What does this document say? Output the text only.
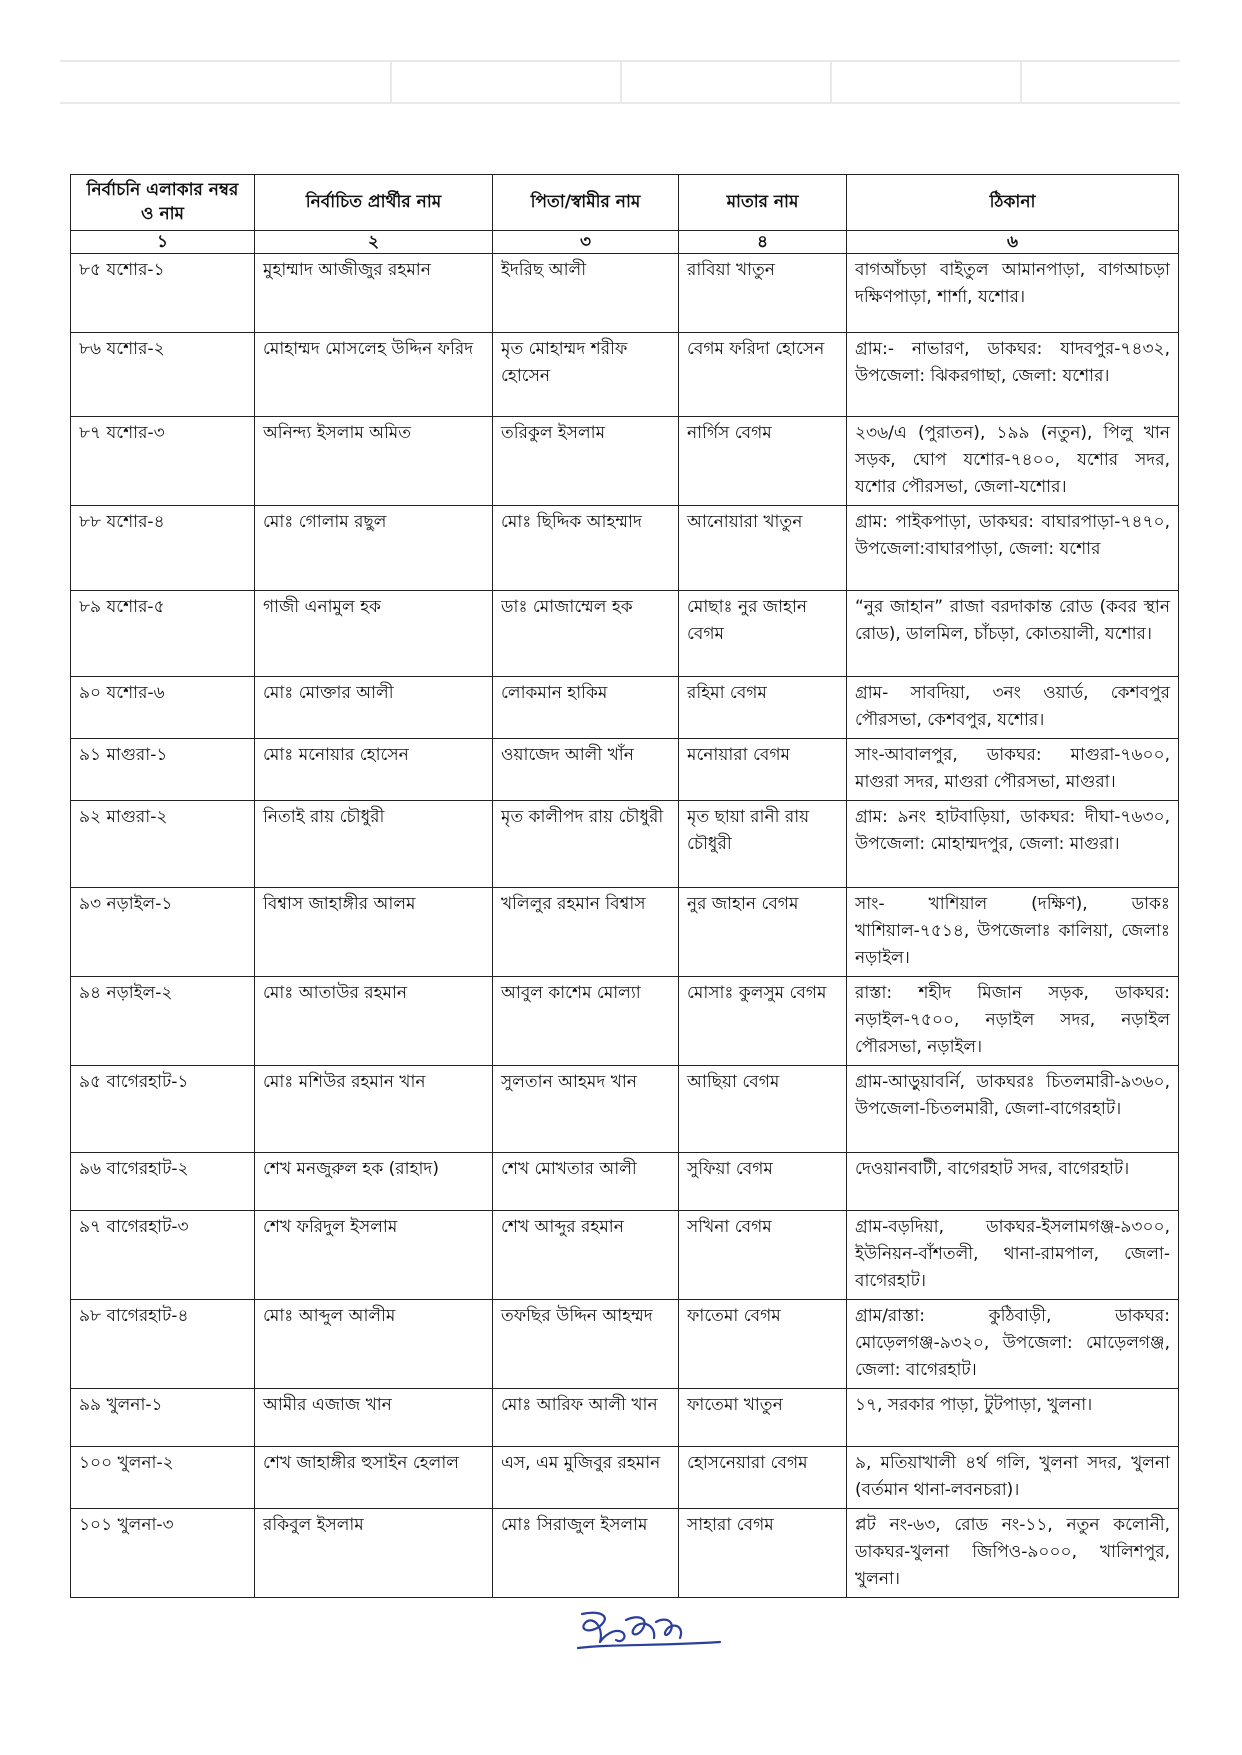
নির্বাচনি এলাকার নম্বর ও নাম	নির্বাচিত প্রার্থীর নাম	পিতা/স্বামীর নাম	মাতার নাম	ঠিকানা
১	২	৩	৪	৬
৮৫ যশোর-১	মুহাম্মাদ আজীজুর রহমান	ইদরিছ আলী	রাবিয়া খাতুন	বাগআঁচড়া বাইতুল আমানপাড়া, বাগআচড়া দক্ষিণপাড়া, শার্শা, যশোর।
৮৬ যশোর-২	মোহাম্মদ মোসলেহ উদ্দিন ফরিদ	মৃত মোহাম্মদ শরীফ হোসেন	বেগম ফরিদা হোসেন	গ্রাম:- নাভারণ, ডাকঘর: যাদবপুর-৭৪৩২, উপজেলা: ঝিকরগাছা, জেলা: যশোর।
৮৭ যশোর-৩	অনিন্দ্য ইসলাম অমিত	তরিকুল ইসলাম	নার্গিস বেগম	২৩৬/এ (পুরাতন), ১৯৯ (নতুন), পিলু খান সড়ক, ঘোপ যশোর-৭৪০০, যশোর সদর, যশোর পৌরসভা, জেলা-যশোর।
৮৮ যশোর-৪	মোঃ গোলাম রছুল	মোঃ ছিদ্দিক আহম্মাদ	আনোয়ারা খাতুন	গ্রাম: পাইকপাড়া, ডাকঘর: বাঘারপাড়া-৭৪৭০, উপজেলা:বাঘারপাড়া, জেলা: যশোর
৮৯ যশোর-৫	গাজী এনামুল হক	ডাঃ মোজাম্মেল হক	মোছাঃ নুর জাহান বেগম	“নুর জাহান” রাজা বরদাকান্ত রোড (কবর স্থান রোড), ডালমিল, চাঁচড়া, কোতয়ালী, যশোর।
৯০ যশোর-৬	মোঃ মোক্তার আলী	লোকমান হাকিম	রহিমা বেগম	গ্রাম- সাবদিয়া, ৩নং ওয়ার্ড, কেশবপুর পৌরসভা, কেশবপুর, যশোর।
৯১ মাগুরা-১	মোঃ মনোয়ার হোসেন	ওয়াজেদ আলী খাঁন	মনোয়ারা বেগম	সাং-আবালপুর, ডাকঘর: মাগুরা-৭৬০০, মাগুরা সদর, মাগুরা পৌরসভা, মাগুরা।
৯২ মাগুরা-২	নিতাই রায় চৌধুরী	মৃত কালীপদ রায় চৌধুরী	মৃত ছায়া রানী রায় চৌধুরী	গ্রাম: ৯নং হাটবাড়িয়া, ডাকঘর: দীঘা-৭৬৩০, উপজেলা: মোহাম্মদপুর, জেলা: মাগুরা।
৯৩ নড়াইল-১	বিশ্বাস জাহাঙ্গীর আলম	খলিলুর রহমান বিশ্বাস	নুর জাহান বেগম	সাং- খাশিয়াল (দক্ষিণ), ডাকঃ খাশিয়াল-৭৫১৪, উপজেলাঃ কালিয়া, জেলাঃ নড়াইল।
৯৪ নড়াইল-২	মোঃ আতাউর রহমান	আবুল কাশেম মোল্যা	মোসাঃ কুলসুম বেগম	রাস্তা: শহীদ মিজান সড়ক, ডাকঘর: নড়াইল-৭৫০০, নড়াইল সদর, নড়াইল পৌরসভা, নড়াইল।
৯৫ বাগেরহাট-১	মোঃ মশিউর রহমান খান	সুলতান আহমদ খান	আছিয়া বেগম	গ্রাম-আড়ুয়াবর্নি, ডাকঘরঃ চিতলমারী-৯৩৬০, উপজেলা-চিতলমারী, জেলা-বাগেরহাট।
৯৬ বাগেরহাট-২	শেখ মনজুরুল হক (রাহাদ)	শেখ মোখতার আলী	সুফিয়া বেগম	দেওয়ানবাটী, বাগেরহাট সদর, বাগেরহাট।
৯৭ বাগেরহাট-৩	শেখ ফরিদুল ইসলাম	শেখ আব্দুর রহমান	সখিনা বেগম	গ্রাম-বড়দিয়া, ডাকঘর-ইসলামগঞ্জ-৯৩০০, ইউনিয়ন-বাঁশতলী, থানা-রামপাল, জেলা-বাগেরহাট।
৯৮ বাগেরহাট-৪	মোঃ আব্দুল আলীম	তফছির উদ্দিন আহম্মদ	ফাতেমা বেগম	গ্রাম/রাস্তা: কুঠিবাড়ী, ডাকঘর: মোড়েলগঞ্জ-৯৩২০, উপজেলা: মোড়েলগঞ্জ, জেলা: বাগেরহাট।
৯৯ খুলনা-১	আমীর এজাজ খান	মোঃ আরিফ আলী খান	ফাতেমা খাতুন	১৭, সরকার পাড়া, টুটপাড়া, খুলনা।
১০০ খুলনা-২	শেখ জাহাঙ্গীর হুসাইন হেলাল	এস, এম মুজিবুর রহমান	হোসনেয়ারা বেগম	৯, মতিয়াখালী ৪র্থ গলি, খুলনা সদর, খুলনা (বর্তমান থানা-লবনচরা)।
১০১ খুলনা-৩	রকিবুল ইসলাম	মোঃ সিরাজুল ইসলাম	সাহারা বেগম	প্লট নং-৬৩, রোড নং-১১, নতুন কলোনী, ডাকঘর-খুলনা জিপিও-৯০০০, খালিশপুর, খুলনা।
